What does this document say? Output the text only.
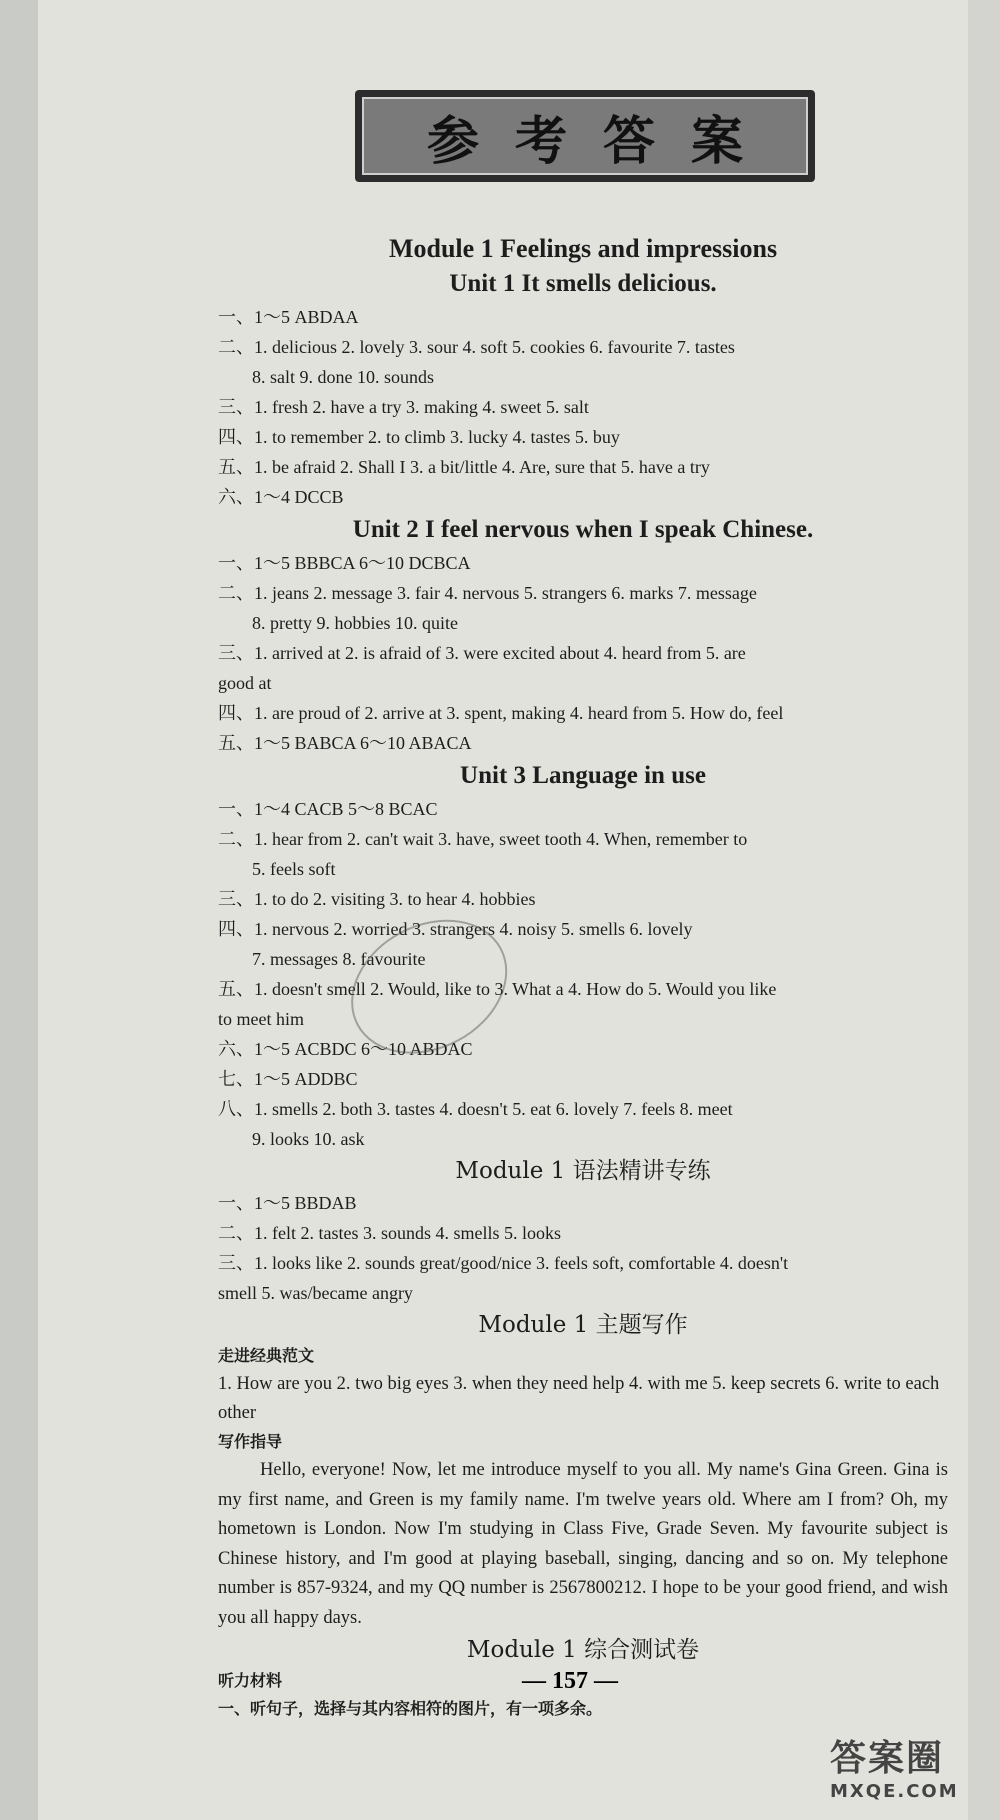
参考答案
Module 1 Feelings and impressions
Unit 1 It smells delicious.
一、1～5 ABDAA
二、1. delicious 2. lovely 3. sour 4. soft 5. cookies 6. favourite 7. tastes
8. salt 9. done 10. sounds
三、1. fresh 2. have a try 3. making 4. sweet 5. salt
四、1. to remember 2. to climb 3. lucky 4. tastes 5. buy
五、1. be afraid 2. Shall I 3. a bit/little 4. Are, sure that 5. have a try
六、1～4 DCCB
Unit 2 I feel nervous when I speak Chinese.
一、1～5 BBBCA 6～10 DCBCA
二、1. jeans 2. message 3. fair 4. nervous 5. strangers 6. marks 7. message
8. pretty 9. hobbies 10. quite
三、1. arrived at 2. is afraid of 3. were excited about 4. heard from 5. are
good at
四、1. are proud of 2. arrive at 3. spent, making 4. heard from 5. How do, feel
五、1～5 BABCA 6～10 ABACA
Unit 3 Language in use
一、1～4 CACB 5～8 BCAC
二、1. hear from 2. can't wait 3. have, sweet tooth 4. When, remember to
5. feels soft
三、1. to do 2. visiting 3. to hear 4. hobbies
四、1. nervous 2. worried 3. strangers 4. noisy 5. smells 6. lovely
7. messages 8. favourite
五、1. doesn't smell 2. Would, like to 3. What a 4. How do 5. Would you like
to meet him
六、1～5 ACBDC 6～10 ABDAC
七、1～5 ADDBC
八、1. smells 2. both 3. tastes 4. doesn't 5. eat 6. lovely 7. feels 8. meet
9. looks 10. ask
Module 1 语法精讲专练
一、1～5 BBDAB
二、1. felt 2. tastes 3. sounds 4. smells 5. looks
三、1. looks like 2. sounds great/good/nice 3. feels soft, comfortable 4. doesn't
smell 5. was/became angry
Module 1 主题写作
走进经典范文
1. How are you 2. two big eyes 3. when they need help 4. with me 5. keep secrets 6. write to each other
写作指导
Hello, everyone! Now, let me introduce myself to you all. My name's Gina Green. Gina is my first name, and Green is my family name. I'm twelve years old. Where am I from? Oh, my hometown is London. Now I'm studying in Class Five, Grade Seven. My favourite subject is Chinese history, and I'm good at playing baseball, singing, dancing and so on. My telephone number is 857-9324, and my QQ number is 2567800212. I hope to be your good friend, and wish you all happy days.
Module 1 综合测试卷
听力材料
一、听句子，选择与其内容相符的图片，有一项多余。
— 157 —
答案圈
MXQE.COM
